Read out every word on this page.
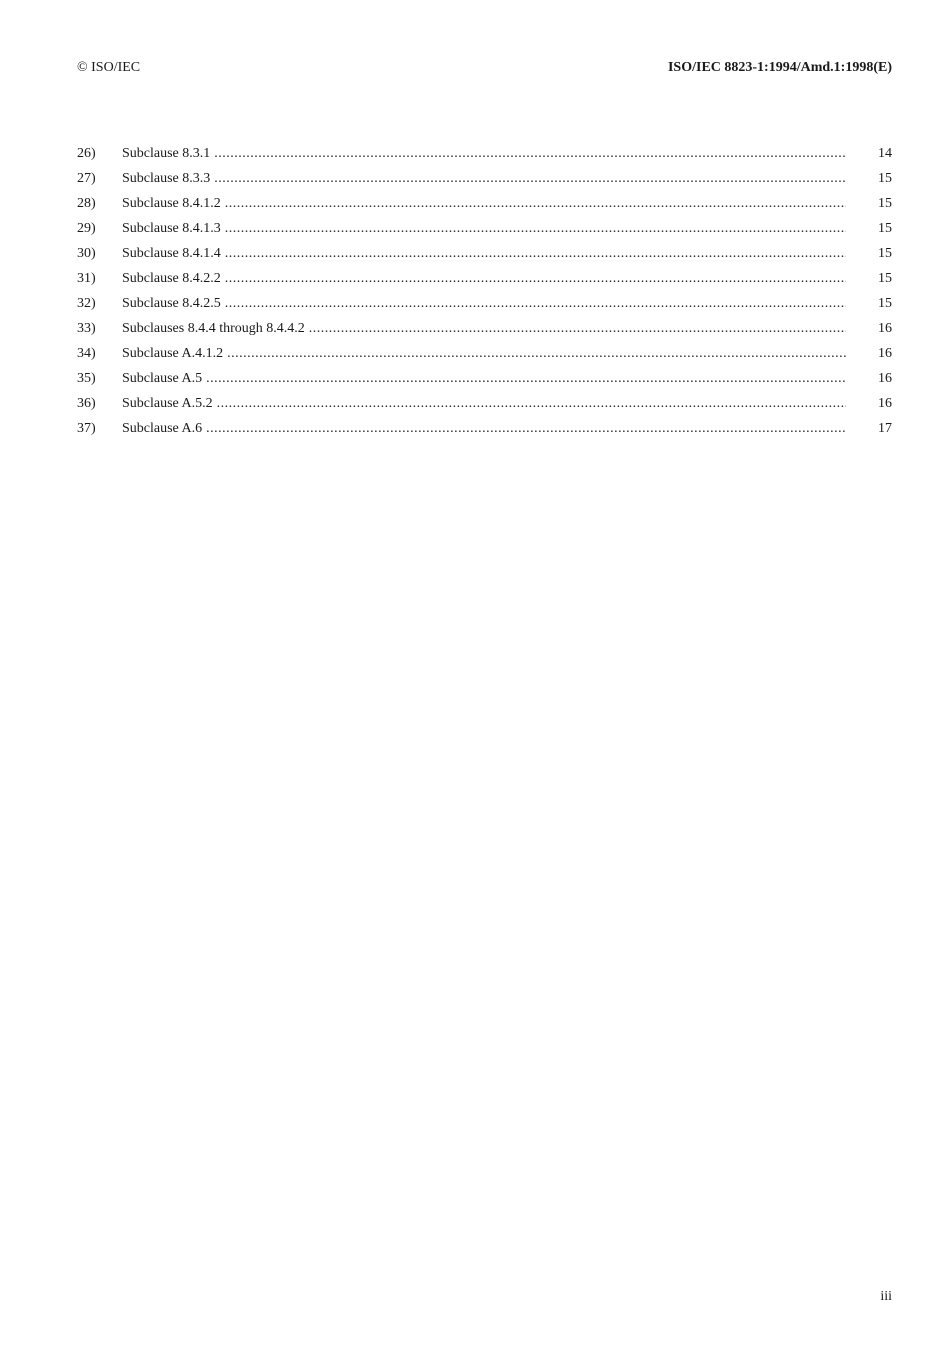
© ISO/IEC	ISO/IEC 8823-1:1994/Amd.1:1998(E)
26)	Subclause 8.3.1 .....	14
27)	Subclause 8.3.3 .....	15
28)	Subclause 8.4.1.2 .....	15
29)	Subclause 8.4.1.3 .....	15
30)	Subclause 8.4.1.4 .....	15
31)	Subclause 8.4.2.2 .....	15
32)	Subclause 8.4.2.5 .....	15
33)	Subclauses 8.4.4 through 8.4.4.2 .....	16
34)	Subclause A.4.1.2 .....	16
35)	Subclause A.5 .....	16
36)	Subclause A.5.2 .....	16
37)	Subclause A.6 .....	17
iii
